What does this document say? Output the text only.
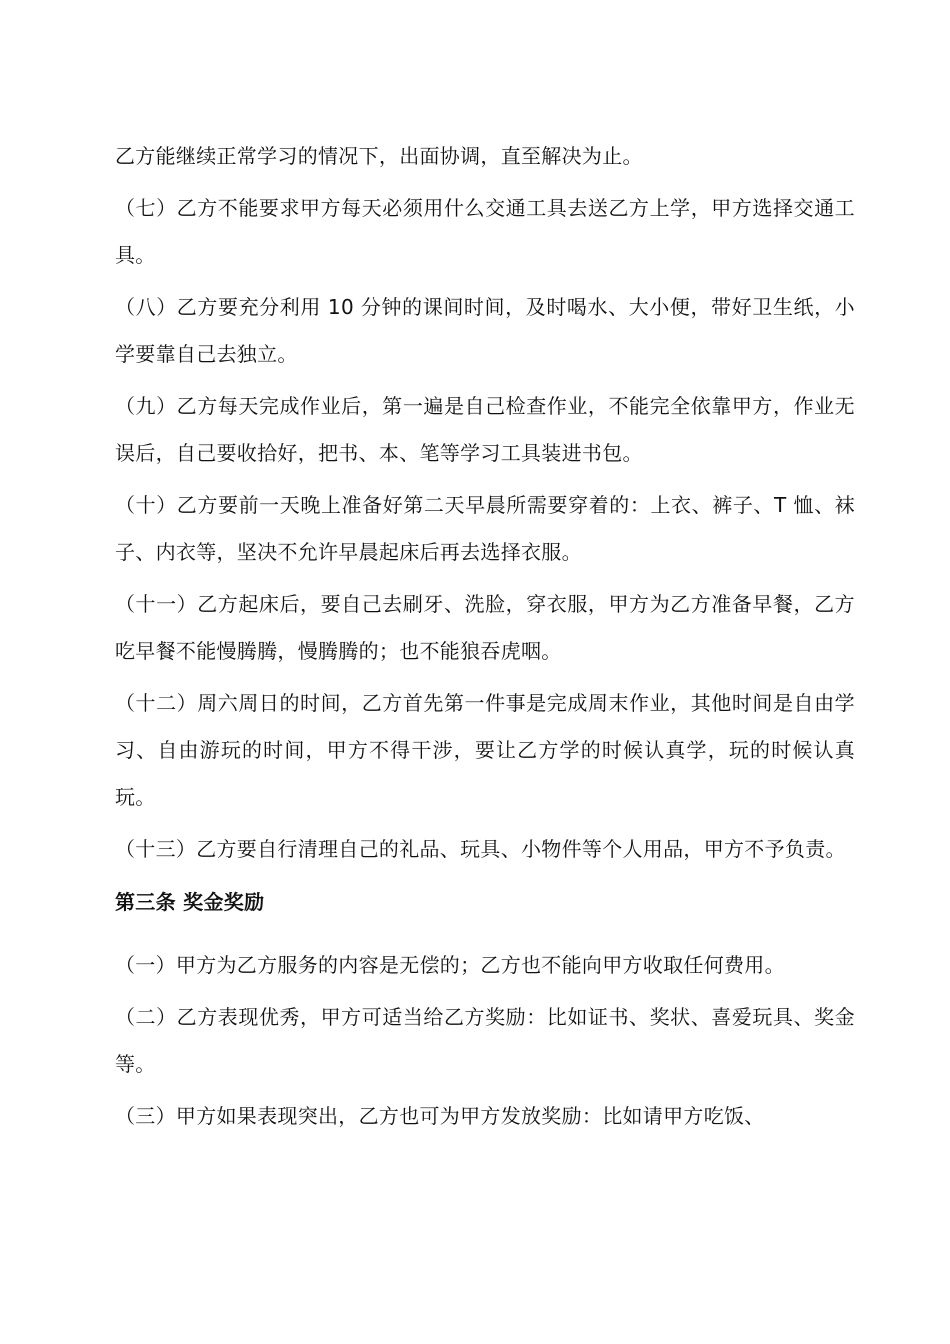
乙方能继续正常学习的情况下，出面协调，直至解决为止。

（七）乙方不能要求甲方每天必须用什么交通工具去送乙方上学，甲方选择交通工具。

（八）乙方要充分利用 10 分钟的课间时间，及时喝水、大小便，带好卫生纸，小学要靠自己去独立。

（九）乙方每天完成作业后，第一遍是自己检查作业，不能完全依靠甲方，作业无误后，自己要收拾好，把书、本、笔等学习工具装进书包。

（十）乙方要前一天晚上准备好第二天早晨所需要穿着的：上衣、裤子、T 恤、袜子、内衣等，坚决不允许早晨起床后再去选择衣服。

（十一）乙方起床后，要自己去刷牙、洗脸，穿衣服，甲方为乙方准备早餐，乙方吃早餐不能慢腾腾，慢腾腾的；也不能狼吞虎咽。

（十二）周六周日的时间，乙方首先第一件事是完成周末作业，其他时间是自由学习、自由游玩的时间，甲方不得干涉，要让乙方学的时候认真学，玩的时候认真玩。

（十三）乙方要自行清理自己的礼品、玩具、小物件等个人用品，甲方不予负责。

第三条 奖金奖励

（一）甲方为乙方服务的内容是无偿的；乙方也不能向甲方收取任何费用。

（二）乙方表现优秀，甲方可适当给乙方奖励：比如证书、奖状、喜爱玩具、奖金等。

（三）甲方如果表现突出，乙方也可为甲方发放奖励：比如请甲方吃饭、
